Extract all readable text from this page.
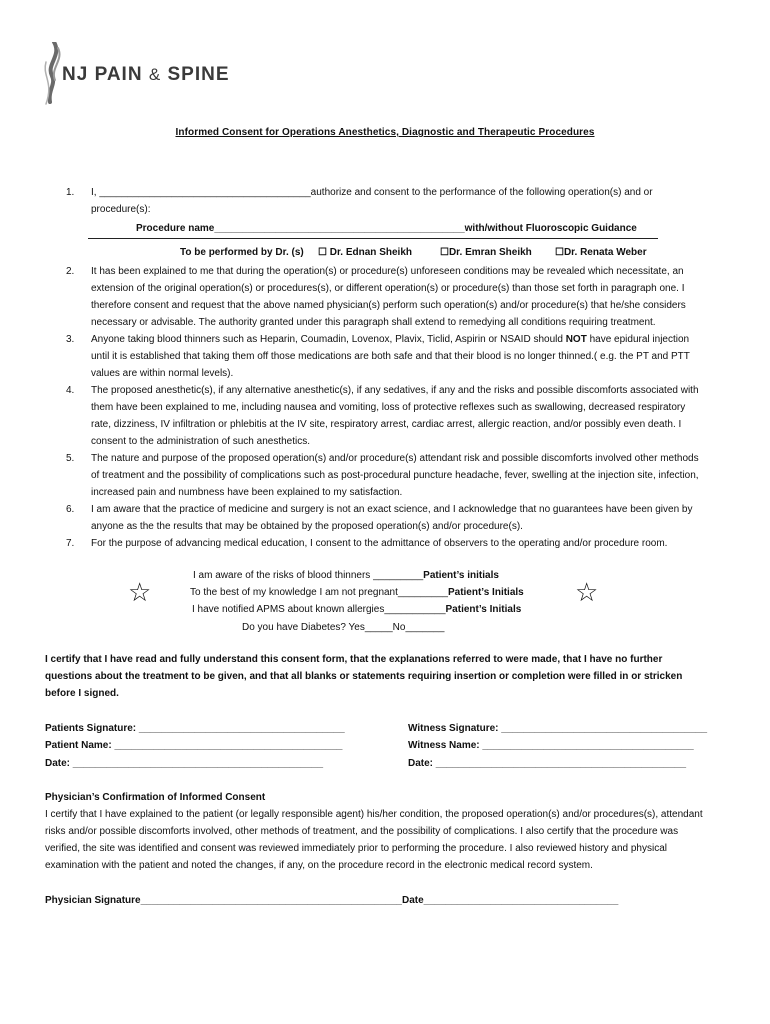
NJ PAIN & SPINE
Informed Consent for Operations Anesthetics, Diagnostic and Therapeutic Procedures
1. I, ______________________________________authorize and consent to the performance of the following operation(s) and or
procedure(s):
Procedure name_____________________________________________with/without Fluoroscopic Guidance
To be performed by Dr. (s) ☐ Dr. Ednan Sheikh	☐Dr. Emran Sheikh ☐Dr. Renata Weber
2. It has been explained to me that during the operation(s) or procedure(s) unforeseen conditions may be revealed which necessitate, an
extension of the original operation(s) or procedures(s), or different operation(s) or procedure(s) than those set forth in paragraph one. I
therefore consent and request that the above named physician(s) perform such operation(s) and/or procedure(s) that he/she considers
necessary or advisable. The authority granted under this paragraph shall extend to remedying all conditions requiring treatment.
3. Anyone taking blood thinners such as Heparin, Coumadin, Lovenox, Plavix, Ticlid, Aspirin or NSAID should NOT have epidural injection
until it is established that taking them off those medications are both safe and that their blood is no longer thinned.( e.g. the PT and PTT
values are within normal levels).
4. The proposed anesthetic(s), if any alternative anesthetic(s), if any sedatives, if any and the risks and possible discomforts associated with
them have been explained to me, including nausea and vomiting, loss of protective reflexes such as swallowing, decreased respiratory
rate, dizziness, IV infiltration or phlebitis at the IV site, respiratory arrest, cardiac arrest, allergic reaction, and/or possibly even death. I
consent to the administration of such anesthetics.
5. The nature and purpose of the proposed operation(s) and/or procedure(s) attendant risk and possible discomforts involved other methods
of treatment and the possibility of complications such as post-procedural puncture headache, fever, swelling at the injection site, infection,
increased pain and numbness have been explained to my satisfaction.
6. I am aware that the practice of medicine and surgery is not an exact science, and I acknowledge that no guarantees have been given by
anyone as the the results that may be obtained by the proposed operation(s) and/or procedure(s).
7. For the purpose of advancing medical education, I consent to the admittance of observers to the operating and/or procedure room.
☆	☆
I am aware of the risks of blood thinners _________Patient’s initials
To the best of my knowledge I am not pregnant_________Patient’s Initials
I have notified APMS about known allergies___________Patient’s Initials
Do you have Diabetes? Yes_____No_______
I certify that I have read and fully understand this consent form, that the explanations referred to were made, that I have no further
questions about the treatment to be given, and that all blanks or statements requiring insertion or completion were filled in or stricken
before I signed.
Patients Signature: _____________________________________
Patient Name: _________________________________________
Date: _____________________________________________
Witness Signature: _____________________________________
Witness Name: ______________________________________
Date: _____________________________________________
Physician’s Confirmation of Informed Consent
I certify that I have explained to the patient (or legally responsible agent) his/her condition, the proposed operation(s) and/or procedures(s), attendant
risks and/or possible discomforts involved, other methods of treatment, and the possibility of complications. I also certify that the procedure was
verified, the site was identified and consent was reviewed immediately prior to performing the procedure. I also reviewed history and physical
examination with the patient and noted the changes, if any, on the procedure record in the electronic medical record system.
Physician Signature_______________________________________________Date___________________________________
